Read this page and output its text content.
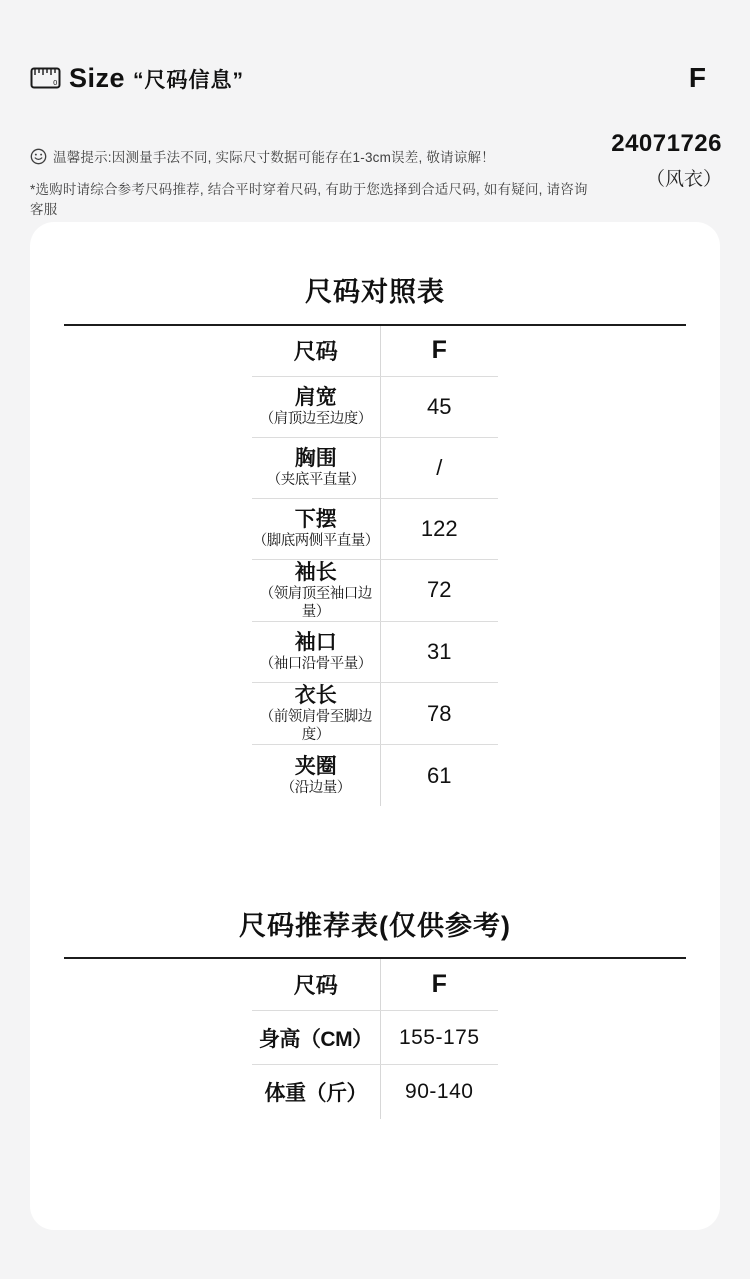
0 Size “尺码信息”	F
温馨提示:因测量手法不同, 实际尺寸数据可能存在1-3cm误差, 敬请谅解！
*选购时请综合参考尺码推荐, 结合平时穿着尺码, 有助于您选择到合适尺码, 如有疑问, 请咨询客服
24071726
（风衣）
尺码对照表
尺码	F

肩宽
（肩顶边至边度）	45

胸围
（夹底平直量）	/

下摆
（脚底两侧平直量）	122

袖长
（领肩顶至袖口边量）	72

袖口
（袖口沿骨平量）	31

衣长
（前领肩骨至脚边度）	78

夹圈
（沿边量）	61
尺码推荐表(仅供参考)
尺码	F
身高（CM）	155-175
体重（斤）	90-140
